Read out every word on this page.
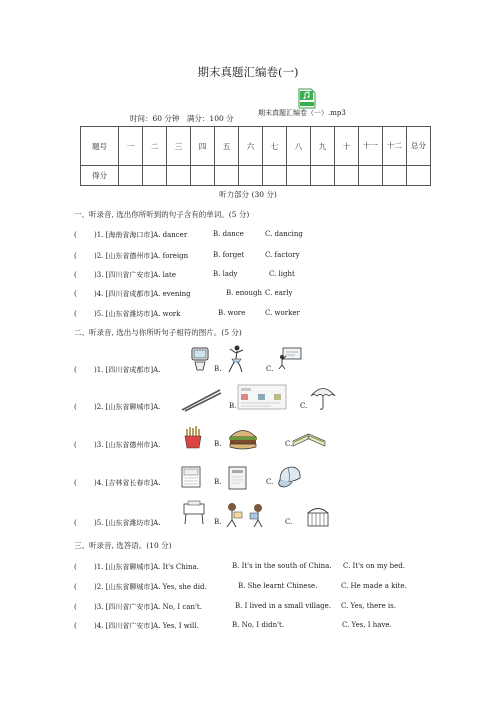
期末真题汇编卷(一)
期末真题汇编卷（一）.mp3
时间：60 分钟　满分：100 分
题号	一	二	三	四	五	六	七	八	九	十	十一	十二	总分
得分													
听力部分 (30 分)
一、听录音, 选出你所听到的句子含有的单词。(5 分)
( )1. [海南省海口市]A. dancer	B. dance	C. dancing
( )2. [山东省德州市]A. foreign	B. forget	C. factory
( )3. [四川省广安市]A. late	B. lady	C. light
( )4. [四川省成都市]A. evening	B. enough C. early
( )5. [山东省潍坊市]A. work	B. wore	C. worker
二、听录音, 选出与你所听句子相符的图片。(5 分)
( )1. [四川省成都市]A.	B.	C.
( )2. [山东省聊城市]A.	B.	C.
( )3. [山东省德州市]A.	B.	C.
( )4. [吉林省长春市]A.	B.	C.
( )5. [山东省潍坊市]A.	B.	C.
三、听录音, 选答语。(10 分)
( )1. [山东省聊城市]A. It's China.	B. It's in the south of China. C. It's on my bed.
( )2. [山东省聊城市]A. Yes, she did.	B. She learnt Chinese.	C. He made a kite.
( )3. [四川省广安市]A. No, I can't.	B. I lived in a small village. C. Yes, there is.
( )4. [四川省广安市]A. Yes, I will.	B. No, I didn't.	C. Yes, I have.
